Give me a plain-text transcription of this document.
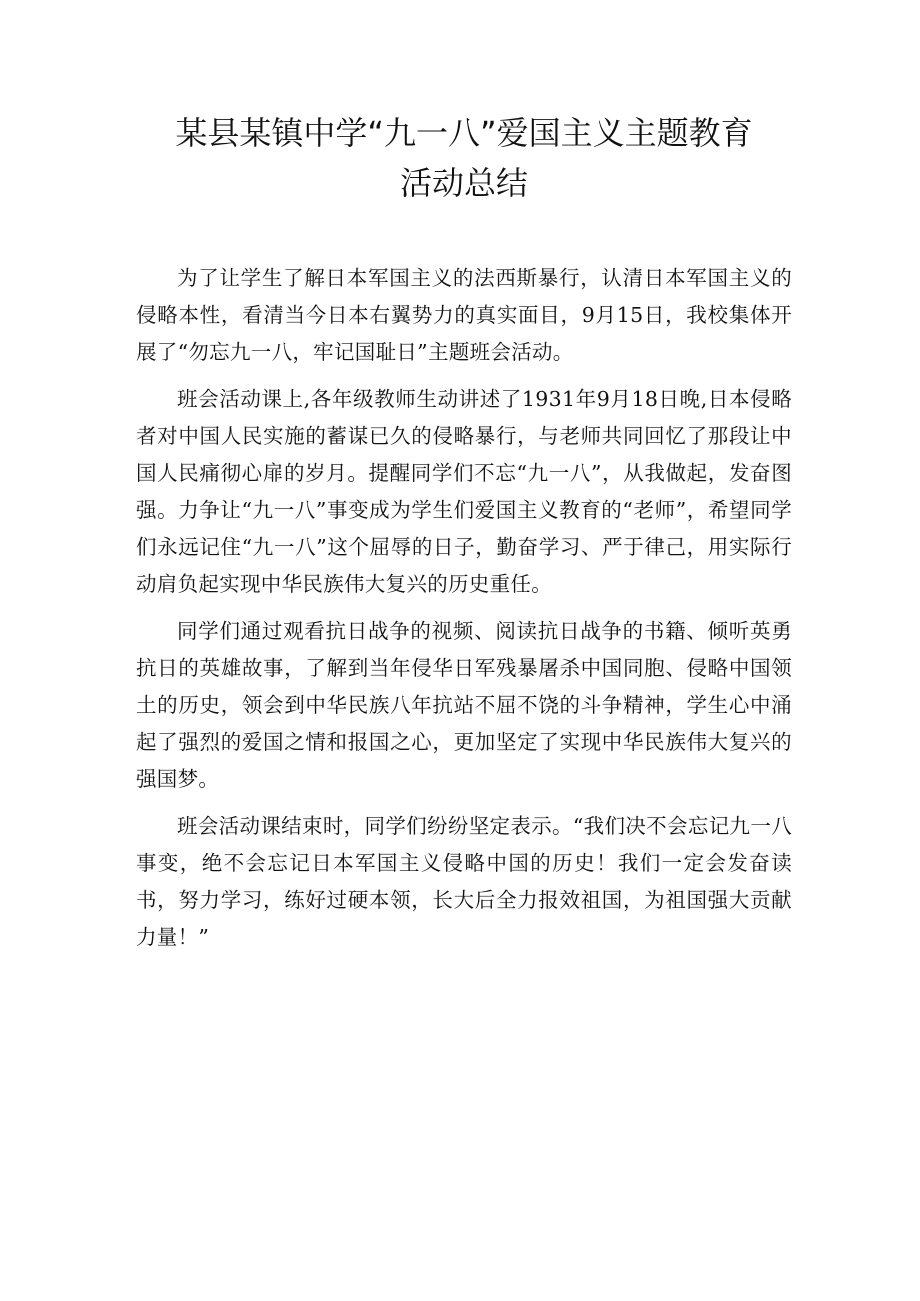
某县某镇中学“九一八”爱国主义主题教育
活动总结

为了让学生了解日本军国主义的法西斯暴行，认清日本军国主义的侵略本性，看清当今日本右翼势力的真实面目，9月15日，我校集体开展了“勿忘九一八，牢记国耻日”主题班会活动。

班会活动课上,各年级教师生动讲述了1931年9月18日晚,日本侵略者对中国人民实施的蓄谋已久的侵略暴行，与老师共同回忆了那段让中国人民痛彻心扉的岁月。提醒同学们不忘“九一八”，从我做起，发奋图强。力争让“九一八”事变成为学生们爱国主义教育的“老师”，希望同学们永远记住“九一八”这个屈辱的日子，勤奋学习、严于律己，用实际行动肩负起实现中华民族伟大复兴的历史重任。

同学们通过观看抗日战争的视频、阅读抗日战争的书籍、倾听英勇抗日的英雄故事，了解到当年侵华日军残暴屠杀中国同胞、侵略中国领土的历史，领会到中华民族八年抗站不屈不饶的斗争精神，学生心中涌起了强烈的爱国之情和报国之心，更加坚定了实现中华民族伟大复兴的强国梦。

班会活动课结束时，同学们纷纷坚定表示。“我们决不会忘记九一八事变，绝不会忘记日本军国主义侵略中国的历史！我们一定会发奋读书，努力学习，练好过硬本领，长大后全力报效祖国，为祖国强大贡献力量！”
